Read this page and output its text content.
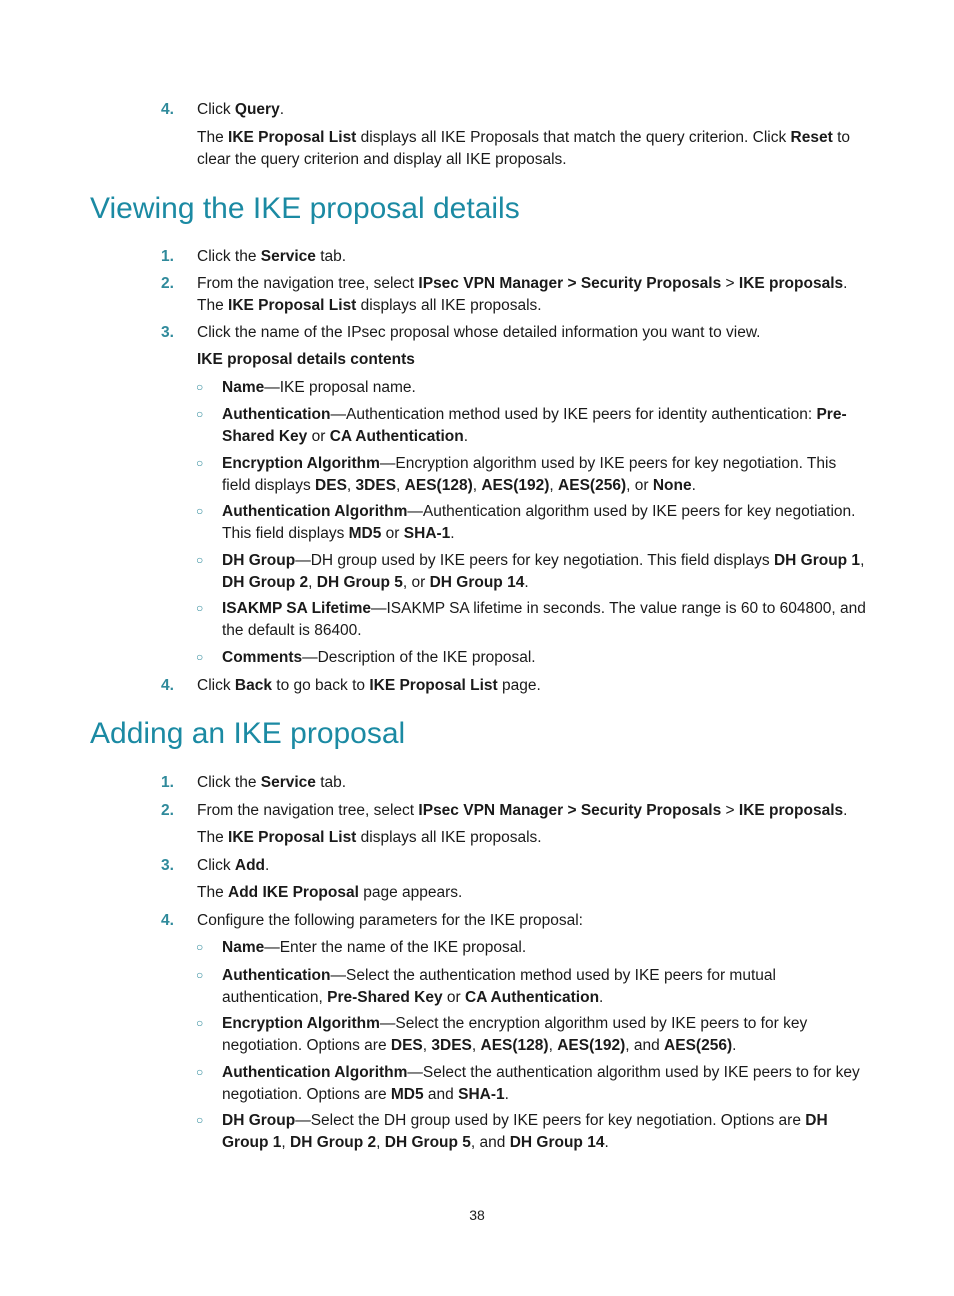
4. Click Query.
The IKE Proposal List displays all IKE Proposals that match the query criterion. Click Reset to clear the query criterion and display all IKE proposals.
Viewing the IKE proposal details
1. Click the Service tab.
2. From the navigation tree, select IPsec VPN Manager > Security Proposals > IKE proposals. The IKE Proposal List displays all IKE proposals.
3. Click the name of the IPsec proposal whose detailed information you want to view.
IKE proposal details contents
○ Name—IKE proposal name.
○ Authentication—Authentication method used by IKE peers for identity authentication: Pre-Shared Key or CA Authentication.
○ Encryption Algorithm—Encryption algorithm used by IKE peers for key negotiation. This field displays DES, 3DES, AES(128), AES(192), AES(256), or None.
○ Authentication Algorithm—Authentication algorithm used by IKE peers for key negotiation. This field displays MD5 or SHA-1.
○ DH Group—DH group used by IKE peers for key negotiation. This field displays DH Group 1, DH Group 2, DH Group 5, or DH Group 14.
○ ISAKMP SA Lifetime—ISAKMP SA lifetime in seconds. The value range is 60 to 604800, and the default is 86400.
○ Comments—Description of the IKE proposal.
4. Click Back to go back to IKE Proposal List page.
Adding an IKE proposal
1. Click the Service tab.
2. From the navigation tree, select IPsec VPN Manager > Security Proposals > IKE proposals.
The IKE Proposal List displays all IKE proposals.
3. Click Add.
The Add IKE Proposal page appears.
4. Configure the following parameters for the IKE proposal:
○ Name—Enter the name of the IKE proposal.
○ Authentication—Select the authentication method used by IKE peers for mutual authentication, Pre-Shared Key or CA Authentication.
○ Encryption Algorithm—Select the encryption algorithm used by IKE peers to for key negotiation. Options are DES, 3DES, AES(128), AES(192), and AES(256).
○ Authentication Algorithm—Select the authentication algorithm used by IKE peers to for key negotiation. Options are MD5 and SHA-1.
○ DH Group—Select the DH group used by IKE peers for key negotiation. Options are DH Group 1, DH Group 2, DH Group 5, and DH Group 14.
38
